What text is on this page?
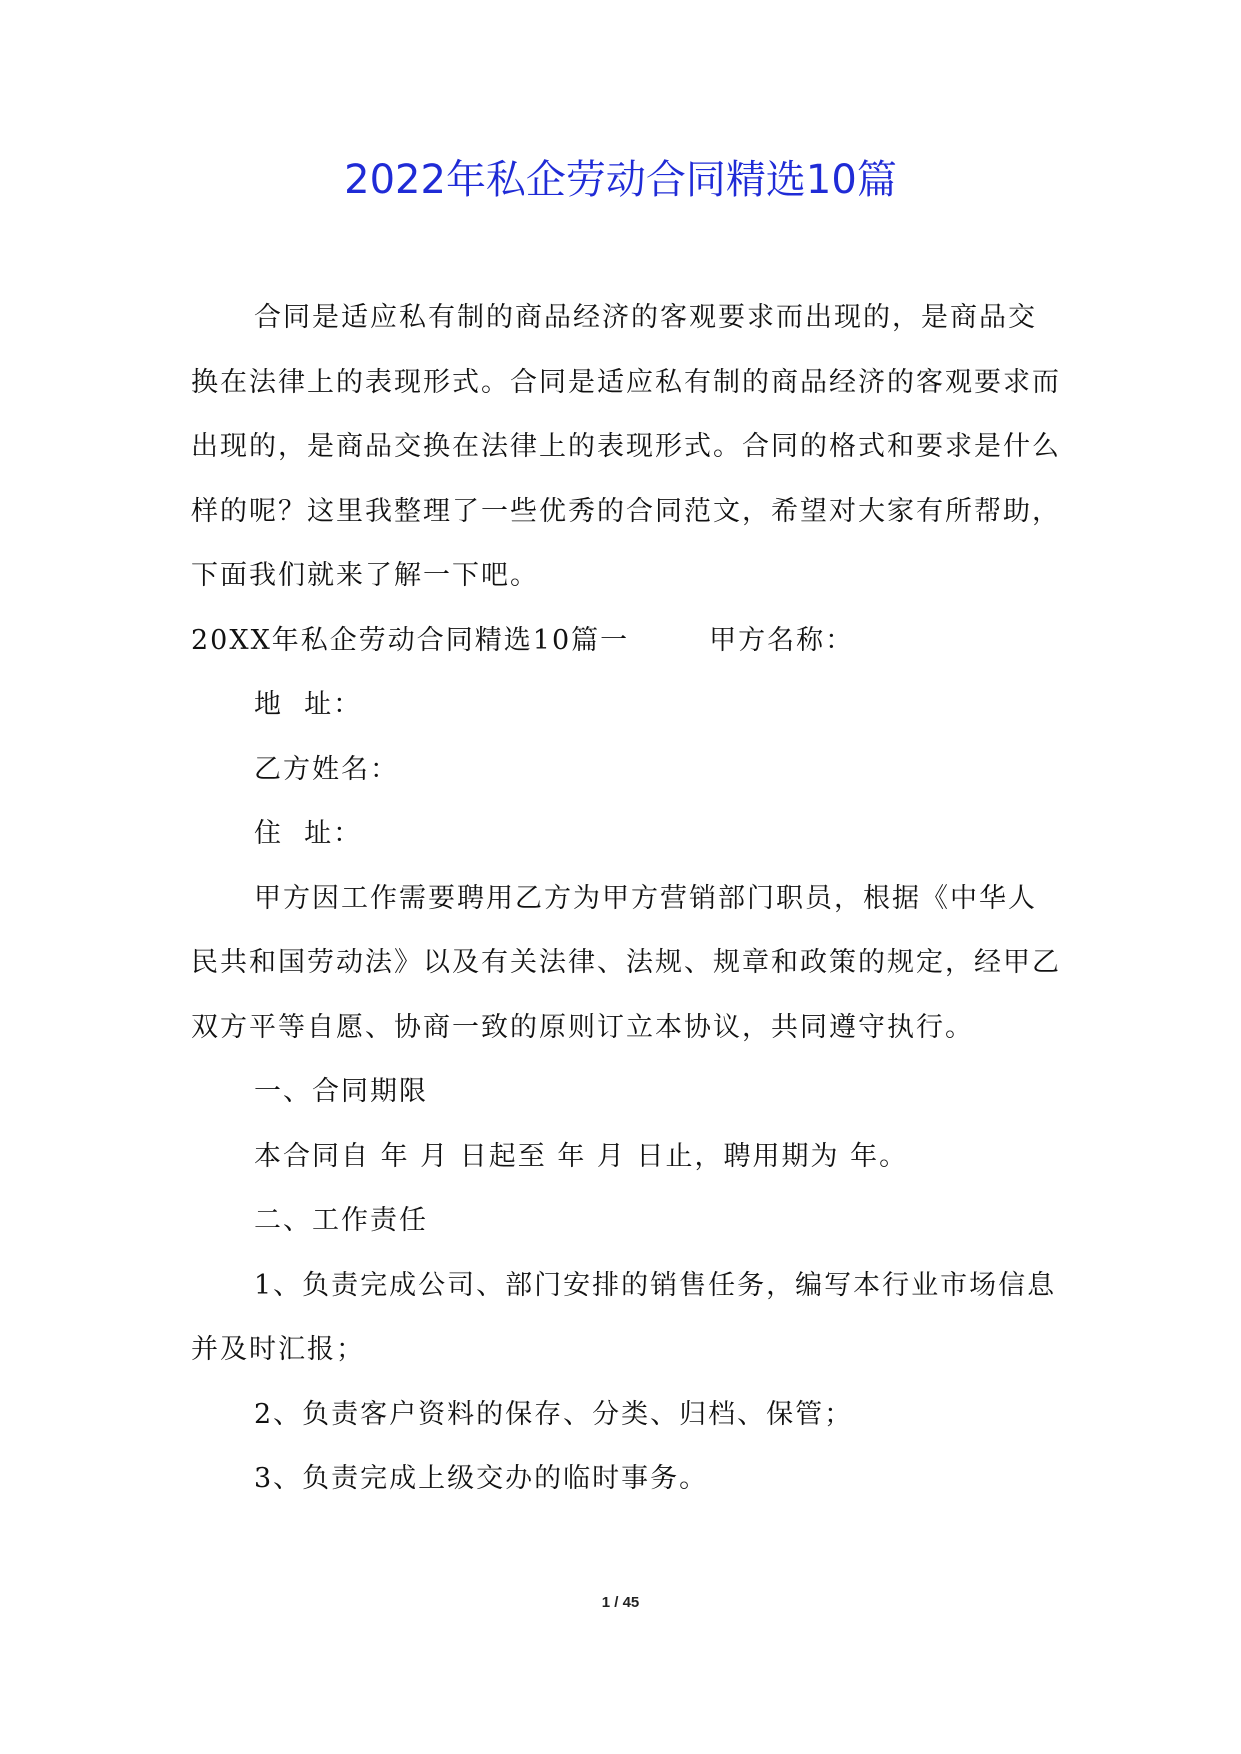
2022年私企劳动合同精选10篇

合同是适应私有制的商品经济的客观要求而出现的，是商品交换在法律上的表现形式。合同是适应私有制的商品经济的客观要求而出现的，是商品交换在法律上的表现形式。合同的格式和要求是什么样的呢？这里我整理了一些优秀的合同范文，希望对大家有所帮助，下面我们就来了解一下吧。

20XX年私企劳动合同精选10篇一	甲方名称：

地  址：

乙方姓名：

住  址：

甲方因工作需要聘用乙方为甲方营销部门职员，根据《中华人民共和国劳动法》以及有关法律、法规、规章和政策的规定，经甲乙双方平等自愿、协商一致的原则订立本协议，共同遵守执行。

一、合同期限

本合同自 年 月 日起至 年 月 日止，聘用期为 年。

二、工作责任

1、负责完成公司、部门安排的销售任务，编写本行业市场信息并及时汇报；

2、负责客户资料的保存、分类、归档、保管；

3、负责完成上级交办的临时事务。

1 / 45
